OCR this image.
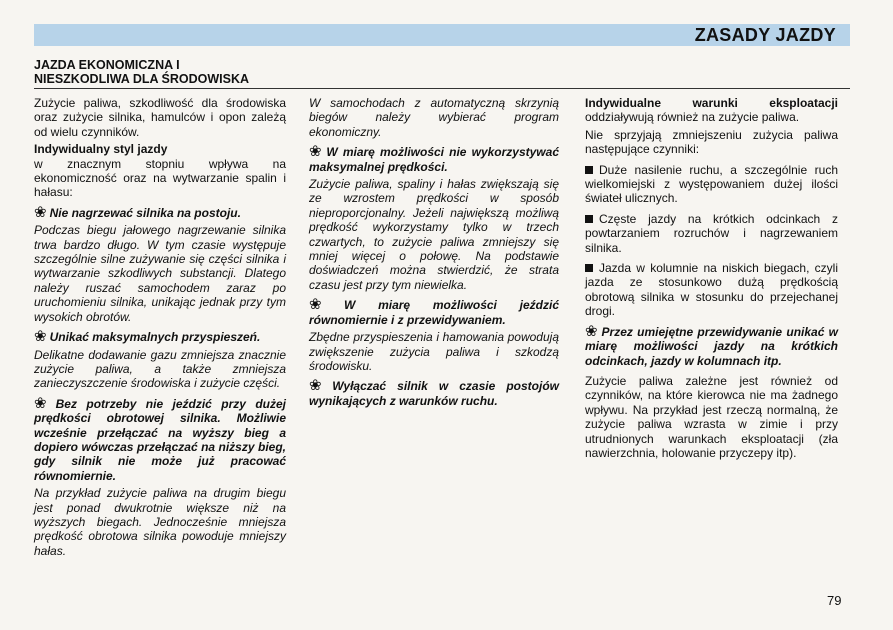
ZASADY JAZDY
JAZDA EKONOMICZNA I
NIESZKODLIWA DLA ŚRODOWISKA

Zużycie paliwa, szkodliwość dla środowiska oraz zużycie silnika, hamulców i opon zależą od wielu czynników.

Indywidualny styl jazdy

w znacznym stopniu wpływa na ekonomiczność oraz na wytwarzanie spalin i hałasu:

❀ Nie nagrzewać silnika na postoju.

Podczas biegu jałowego nagrzewanie silnika trwa bardzo długo. W tym czasie występuje szczególnie silne zużywanie się części silnika i wytwarzanie szkodliwych substancji. Dlatego należy ruszać samochodem zaraz po uruchomieniu silnika, unikając jednak przy tym wysokich obrotów.

❀ Unikać maksymalnych przyspieszeń.

Delikatne dodawanie gazu zmniejsza znacznie zużycie paliwa, a także zmniejsza zanieczyszczenie środowiska i zużycie części.

❀ Bez potrzeby nie jeździć przy dużej prędkości obrotowej silnika. Możliwie wcześnie przełączać na wyższy bieg a dopiero wówczas przełączać na niższy bieg, gdy silnik nie może już pracować równomiernie.

Na przykład zużycie paliwa na drugim biegu jest ponad dwukrotnie większe niż na wyższych biegach. Jednocześnie mniejsza prędkość obrotowa silnika powoduje mniejszy hałas.

W samochodach z automatyczną skrzynią biegów należy wybierać program ekonomiczny.

❀ W miarę możliwości nie wykorzystywać maksymalnej prędkości.

Zużycie paliwa, spaliny i hałas zwiększają się ze wzrostem prędkości w sposób nieproporcjonalny. Jeżeli największą możliwą prędkość wykorzystamy tylko w trzech czwartych, to zużycie paliwa zmniejszy się mniej więcej o połowę. Na podstawie doświadczeń można stwierdzić, że strata czasu jest przy tym niewielka.

❀ W miarę możliwości jeździć równomiernie i z przewidywaniem.

Zbędne przyspieszenia i hamowania powodują zwiększenie zużycia paliwa i szkodzą środowisku.

❀ Wyłączać silnik w czasie postojów wynikających z warunków ruchu.

Indywidualne warunki eksploatacji oddziaływują również na zużycie paliwa.

Nie sprzyjają zmniejszeniu zużycia paliwa następujące czynniki:

Duże nasilenie ruchu, a szczególnie ruch wielkomiejski z występowaniem dużej ilości świateł ulicznych.

Częste jazdy na krótkich odcinkach z powtarzaniem rozruchów i nagrzewaniem silnika.

Jazda w kolumnie na niskich biegach, czyli jazda ze stosunkowo dużą prędkością obrotową silnika w stosunku do przejechanej drogi.

❀ Przez umiejętne przewidywanie unikać w miarę możliwości jazdy na krótkich odcinkach, jazdy w kolumnach itp.

Zużycie paliwa zależne jest również od czynników, na które kierowca nie ma żadnego wpływu. Na przykład jest rzeczą normalną, że zużycie paliwa wzrasta w zimie i przy utrudnionych warunkach eksploatacji (zła nawierzchnia, holowanie przyczepy itp).

79
